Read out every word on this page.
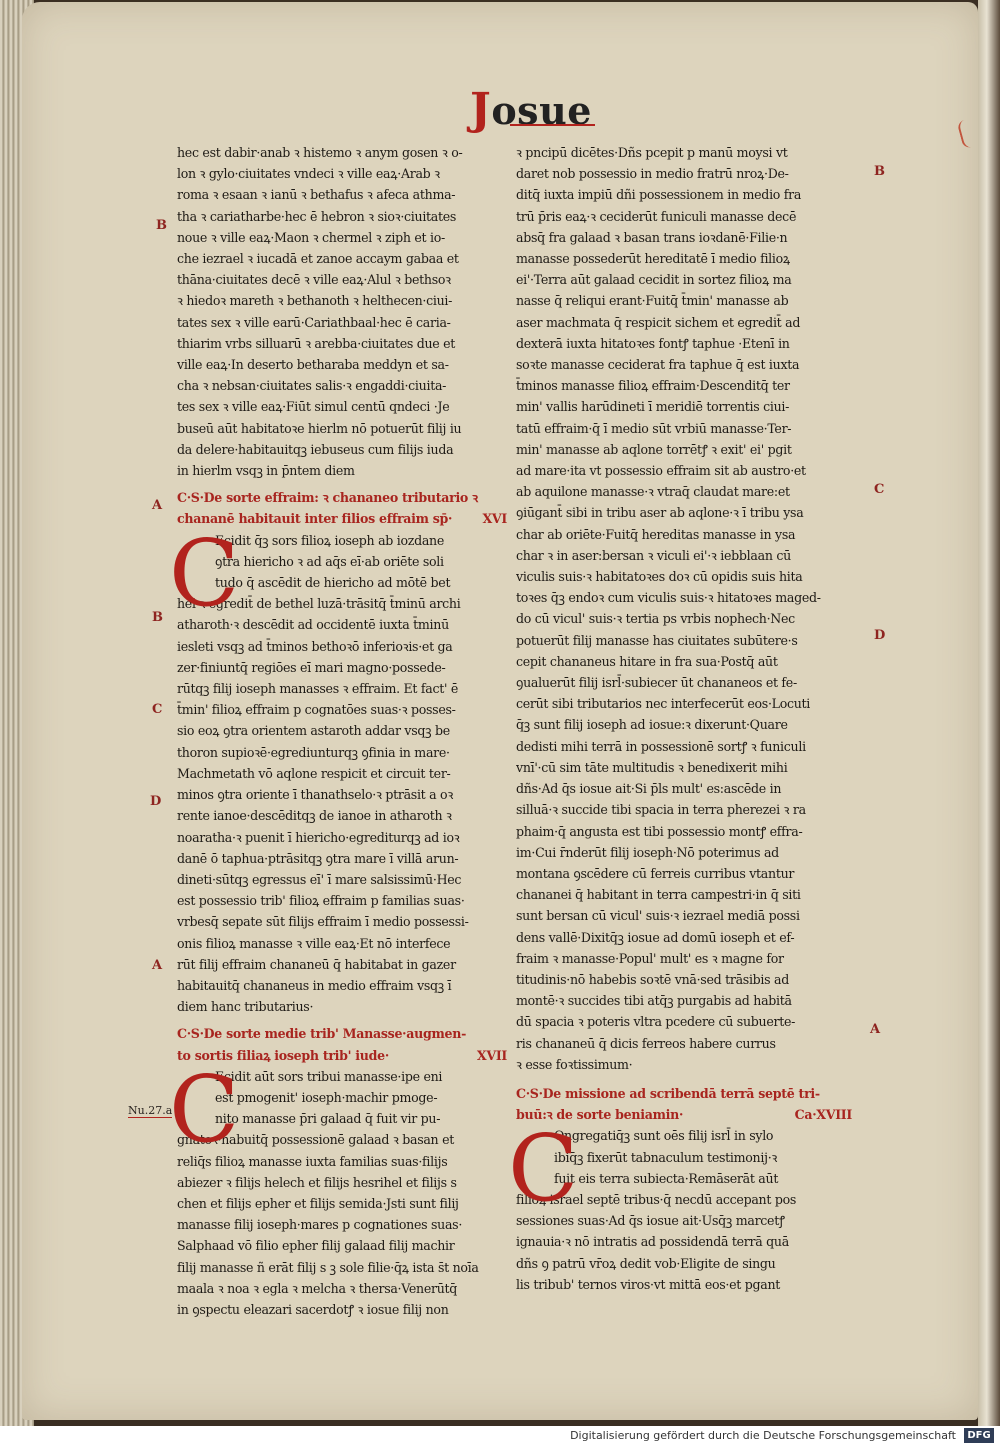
Josue
B
A
B
C
D
A
B
C
D
A
Nu.27.a
hec est dabir·anab ꝛ histemo ꝛ anym gosen ꝛ o-
lon ꝛ gylo·ciuitates vndeci ꝛ ville eaꝝ·Arab ꝛ
roma ꝛ esaan ꝛ ianū ꝛ bethafus ꝛ afeca athma-
tha ꝛ cariatharbe·hec ē hebron ꝛ sioꝛ·ciuitates
noue ꝛ ville eaꝝ·Maon ꝛ chermel ꝛ ziph et io-
che iezrael ꝛ iucadā et zanoe accaym gabaa et
thāna·ciuitates decē ꝛ ville eaꝝ·Alul ꝛ bethsoꝛ
ꝛ hiedoꝛ mareth ꝛ bethanoth ꝛ helthecen·ciui-
tates sex ꝛ ville earū·Cariathbaal·hec ē caria-
thiarim vrbs silluarū ꝛ arebba·ciuitates due et
ville eaꝝ·In deserto betharaba meddyn et sa-
cha ꝛ nebsan·ciuitates salis·ꝛ engaddi·ciuita-
tes sex ꝛ ville eaꝝ·Fiūt simul centū qndeci ·Je
buseū aūt habitatoꝛe hierlm nō potuerūt filij iu
da delere·habitauitqꝫ iebuseus cum filijs iuda
in hierlm vsqꝫ in p̄ntem diem
C·S·De sorte effraim: ꝛ chananeo tributario ꝛ
chananē habitauit inter filios effraim sp̄· XVI
C
Ecidit q̄ꝫ sors filioꝝ ioseph ab iozdane
ꝯtra hiericho ꝛ ad aq̄s eī·ab oriēte soli
tudo q̄ ascēdit de hiericho ad mōtē bet
hel ꝛ egredit̄ de bethel luzā·trāsitq̄ t̄minū archi
atharoth·ꝛ descēdit ad occidentē iuxta t̄minū
iesleti vsqꝫ ad t̄minos bethoꝛō inferioꝛis·et ga
zer·finiuntq̄ regiōes eī mari magno·possede-
rūtqꝫ filij ioseph manasses ꝛ effraim. Et fact' ē
t̄min' filioꝝ effraim p cognatōes suas·ꝛ posses-
sio eoꝝ ꝯtra orientem astaroth addar vsqꝫ be
thoron supioꝛē·egrediunturqꝫ ꝯfinia in mare·
Machmetath vō aqlone respicit et circuit ter-
minos ꝯtra oriente ī thanathselo·ꝛ ptrāsit a oꝛ
rente ianoe·descēditqꝫ de ianoe in atharoth ꝛ
noaratha·ꝛ puenit ī hiericho·egrediturqꝫ ad ioꝛ
danē ō taphua·ptrāsitqꝫ ꝯtra mare ī villā arun-
dineti·sūtqꝫ egressus eī' ī mare salsissimū·Hec
est possessio trib' filioꝝ effraim p familias suas·
vrbesq̄ sepate sūt filijs effraim ī medio possessi-
onis filioꝝ manasse ꝛ ville eaꝝ·Et nō interfece
rūt filij effraim chananeū q̄ habitabat in gazer
habitauitq̄ chananeus in medio effraim vsqꝫ ī
diem hanc tributarius·
C·S·De sorte medie trib' Manasse·augmen-
to sortis filiaꝝ ioseph trib' iude·	XVII
C
Ecidit aūt sors tribui manasse·ipe eni
est pmogenit' ioseph·machir pmoge-
nito manasse p̄ri galaad q̄ fuit vir pu-
gnatoꝛ·habuitq̄ possessionē galaad ꝛ basan et
reliq̄s filioꝝ manasse iuxta familias suas·filijs
abiezer ꝛ filijs helech et filijs hesrihel et filijs s
chen et filijs epher et filijs semida·Jsti sunt filij
manasse filij ioseph·mares p cognationes suas·
Salphaad vō filio epher filij galaad filij machir
filij manasse ñ erāt filij s ꝫ sole filie·q̄ꝝ ista s̄t noīa
maala ꝛ noa ꝛ egla ꝛ melcha ꝛ thersa·Venerūtq̄
in ꝯspectu eleazari sacerdotꝭ ꝛ iosue filij non
ꝛ pncipū dicētes·Dñs pcepit p manū moysi vt
daret nob possessio in medio fratrū nroꝝ·De-
ditq̄ iuxta impiū dñi possessionem in medio fra
trū p̄ris eaꝝ·ꝛ ceciderūt funiculi manasse decē
absq̄ fra galaad ꝛ basan trans ioꝛdanē·Filie·n
manasse possederūt hereditatē ī medio filioꝝ
ei'·Terra aūt galaad cecidit in sortez filioꝝ ma
nasse q̄ reliqui erant·Fuitq̄ t̄min' manasse ab
aser machmata q̄ respicit sichem et egredit̄ ad
dexterā iuxta hitatoꝛes fontꝭ taphue ·Etenī in
soꝛte manasse ceciderat fra taphue q̄ est iuxta
t̄minos manasse filioꝝ effraim·Descenditq̄ ter
min' vallis harūdineti ī meridiē torrentis ciui-
tatū effraim·q̄ ī medio sūt vrbiū manasse·Ter-
min' manasse ab aqlone torrētꝭ ꝛ exit' ei' pgit
ad mare·ita vt possessio effraim sit ab austro·et
ab aquilone manasse·ꝛ vtraq̄ claudat mare:et
ꝯiūgant̄ sibi in tribu aser ab aqlone·ꝛ ī tribu ysa
char ab oriēte·Fuitq̄ hereditas manasse in ysa
char ꝛ in aser:bersan ꝛ viculi ei'·ꝛ iebblaan cū
viculis suis·ꝛ habitatoꝛes doꝛ cū opidis suis hita
toꝛes q̄ꝫ endoꝛ cum viculis suis·ꝛ hitatoꝛes maged-
do cū vicul' suis·ꝛ tertia ps vrbis nophech·Nec
potuerūt filij manasse has ciuitates subūtere·s
cepit chananeus hitare in fra sua·Postq̄ aūt
ꝯualuerūt filij isrl̄·subiecer ūt chananeos et fe-
cerūt sibi tributarios nec interfecerūt eos·Locuti
q̄ꝫ sunt filij ioseph ad iosue:ꝛ dixerunt·Quare
dedisti mihi terrā in possessionē sortꝭ ꝛ funiculi
vnī'·cū sim tāte multitudis ꝛ benedixerit mihi
dñs·Ad q̄s iosue ait·Si p̄ls mult' es:ascēde in
silluā·ꝛ succide tibi spacia in terra pherezei ꝛ ra
phaim·q̄ angusta est tibi possessio montꝭ effra-
im·Cui r̄nderūt filij ioseph·Nō poterimus ad
montana ꝯscēdere cū ferreis curribus vtantur
chananei q̄ habitant in terra campestri·in q̄ siti
sunt bersan cū vicul' suis·ꝛ iezrael mediā possi
dens vallē·Dixitq̄ꝫ iosue ad domū ioseph et ef-
fraim ꝛ manasse·Popul' mult' es ꝛ magne for
titudinis·nō habebis soꝛtē vnā·sed trāsibis ad
montē·ꝛ succides tibi atq̄ꝫ purgabis ad habitā
dū spacia ꝛ poteris vltra pcedere cū subuerte-
ris chananeū q̄ dicis ferreos habere currus
ꝛ esse foꝛtissimum·
C·S·De missione ad scribendā terrā septē tri-
buū:ꝛ de sorte beniamin·	Ca·XVIII
C
Ongregatiq̄ꝫ sunt oēs filij isrl̄ in sylo
ibiq̄ꝫ fixerūt tabnaculum testimonij·ꝛ
fuit eis terra subiecta·Remāserāt aūt
filioꝝ israel septē tribus·q̄ necdū accepant pos
sessiones suas·Ad q̄s iosue ait·Usq̄ꝫ marcetꝭ
ignauia·ꝛ nō intratis ad possidendā terrā quā
dñs ꝯ patrū vr̄oꝝ dedit vob·Eligite de singu
lis tribub' ternos viros·vt mittā eos·et pgant
Digitalisierung gefördert durch die Deutsche Forschungsgemeinschaft	DFG
